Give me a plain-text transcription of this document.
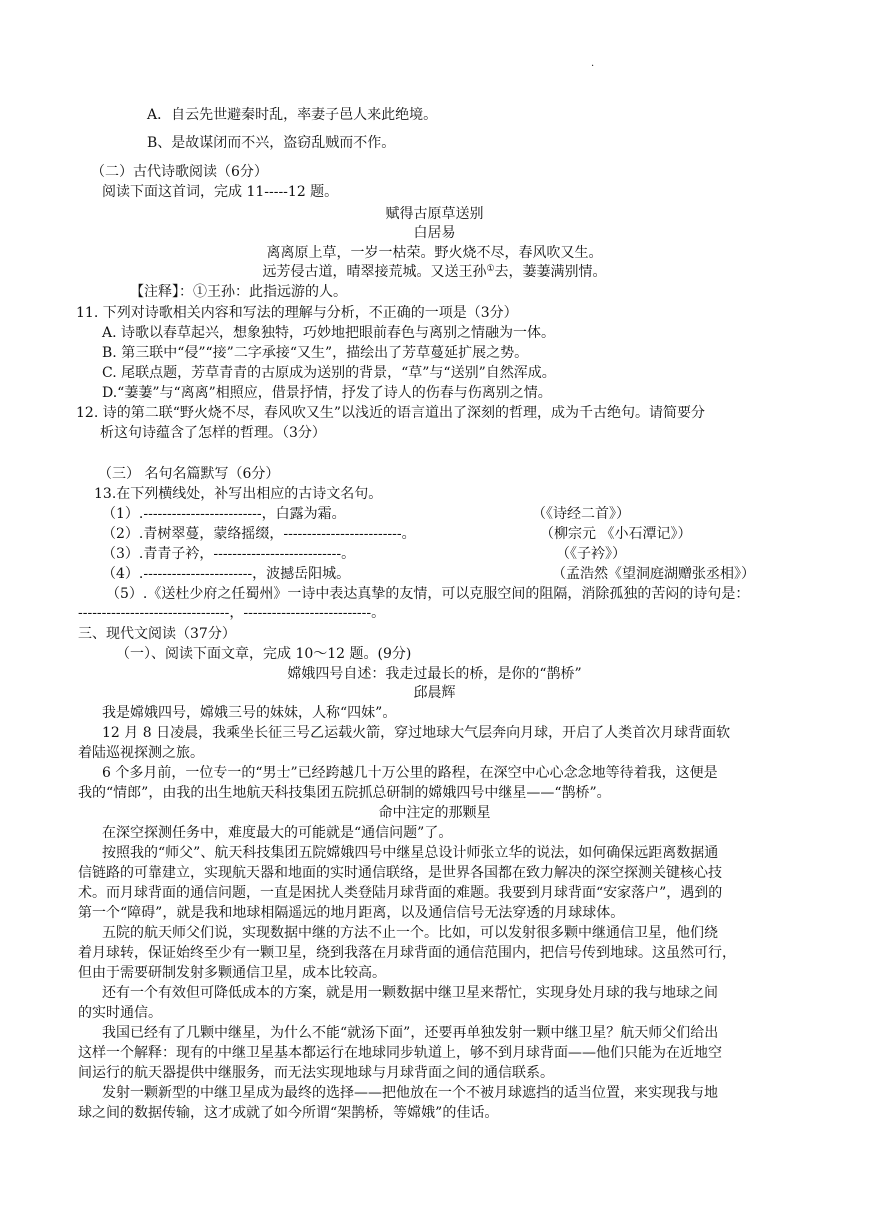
.
A．自云先世避秦时乱，率妻子邑人来此绝境。
B、是故谋闭而不兴，盗窃乱贼而不作。
（二）古代诗歌阅读（6分）
阅读下面这首词，完成 11-----12 题。
赋得古原草送别
白居易
离离原上草，一岁一枯荣。野火烧不尽，春风吹又生。
远芳侵古道，晴翠接荒城。又送王孙①去，萋萋满别情。
【注释】：①王孙：此指远游的人。
11. 下列对诗歌相关内容和写法的理解与分析，不正确的一项是（3分）
A. 诗歌以春草起兴，想象独特，巧妙地把眼前春色与离别之情融为一体。
B. 第三联中“侵”“接”二字承接“又生”，描绘出了芳草蔓延扩展之势。
C. 尾联点题，芳草青青的古原成为送别的背景，“草”与“送别”自然浑成。
D.“萋萋”与“离离”相照应，借景抒情，抒发了诗人的伤春与伤离别之情。
12. 诗的第二联“野火烧不尽，春风吹又生”以浅近的语言道出了深刻的哲理，成为千古绝句。请简要分
析这句诗蕴含了怎样的哲理。（3分）
（三） 名句名篇默写（6分）
13.在下列横线处，补写出相应的古诗文名句。
（1）.-------------------------，白露为霜。	（《诗经二首》）
（2）.青树翠蔓，蒙络摇缀，-------------------------。	（柳宗元 《小石潭记》）
（3）.青青子衿，---------------------------。	（《子衿》）
（4）.-----------------------，波撼岳阳城。	（孟浩然《望洞庭湖赠张丞相》）
（5）.《送杜少府之任蜀州》一诗中表达真挚的友情，可以克服空间的阻隔，消除孤独的苦闷的诗句是：
--------------------------------，---------------------------。
三、现代文阅读（37分）
（一）、阅读下面文章，完成 10～12 题。(9分)
嫦娥四号自述：我走过最长的桥，是你的“鹊桥”
邱晨辉
我是嫦娥四号，嫦娥三号的妹妹，人称“四妹”。
12 月 8 日凌晨，我乘坐长征三号乙运载火箭，穿过地球大气层奔向月球，开启了人类首次月球背面软
着陆巡视探测之旅。
6 个多月前，一位专一的“男士”已经跨越几十万公里的路程，在深空中心心念念地等待着我，这便是
我的“情郎”，由我的出生地航天科技集团五院抓总研制的嫦娥四号中继星——“鹊桥”。
命中注定的那颗星
在深空探测任务中，难度最大的可能就是“通信问题”了。
按照我的“师父”、航天科技集团五院嫦娥四号中继星总设计师张立华的说法，如何确保远距离数据通
信链路的可靠建立，实现航天器和地面的实时通信联络，是世界各国都在致力解决的深空探测关键核心技
术。而月球背面的通信问题，一直是困扰人类登陆月球背面的难题。我要到月球背面“安家落户”，遇到的
第一个“障碍”，就是我和地球相隔遥远的地月距离，以及通信信号无法穿透的月球球体。
五院的航天师父们说，实现数据中继的方法不止一个。比如，可以发射很多颗中继通信卫星，他们绕
着月球转，保证始终至少有一颗卫星，绕到我落在月球背面的通信范围内，把信号传到地球。这虽然可行，
但由于需要研制发射多颗通信卫星，成本比较高。
还有一个有效但可降低成本的方案，就是用一颗数据中继卫星来帮忙，实现身处月球的我与地球之间
的实时通信。
我国已经有了几颗中继星，为什么不能“就汤下面”，还要再单独发射一颗中继卫星？航天师父们给出
这样一个解释：现有的中继卫星基本都运行在地球同步轨道上，够不到月球背面——他们只能为在近地空
间运行的航天器提供中继服务，而无法实现地球与月球背面之间的通信联系。
发射一颗新型的中继卫星成为最终的选择——把他放在一个不被月球遮挡的适当位置，来实现我与地
球之间的数据传输，这才成就了如今所谓“架鹊桥，等嫦娥”的佳话。
